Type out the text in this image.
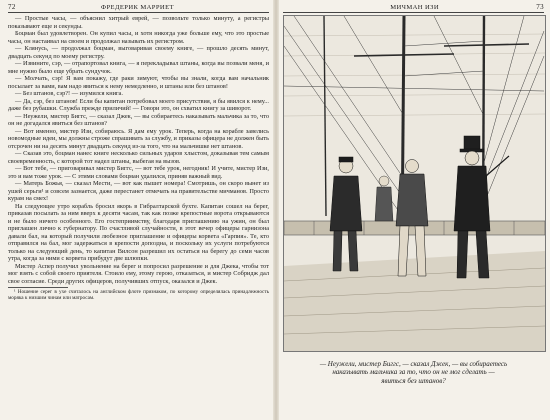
72	ФРЕДЕРИК МАРРИЕТ

— Простые часы, — объяснил хитрый еврей, — позвольте только минуту, а регистры показывают еще и секунды.

Боцман был удовлетворен. Он купил часы, и хотя никогда уже больше ему, что это простые часы, он настаивал на своем и продолжал называть их регистром.

— Клянусь, — продолжал боцман, выговаривая своему книге, — прошло десять минут, двадцать секунд по моему регистру.

— Извините, сэр, — отрапортовал книга, — я перекладывал штаны, когда вы позвали меня, и мне нужно было еще убрать сундучок.

— Молчать, сэр! Я вам покажу, где раки зимуют, чтобы вы знали, когда вам начальник посылает за вами, вам надо явиться к нему немедленно, и штаны или без штанов!

— Без штанов, сэр?! — изумился книга.

— Да, сэр, без штанов! Если бы капитан потребовал моего присутствия, я бы явился к нему... даже без рубашки. Служба прежде приличий! — Говори это, он схватил книгу за шиворот.

— Неужели, мистер Биггс, — сказал Джек, — вы собираетесь наказывать мальчика за то, что он не догадался явиться без штанов?

— Вот именно, мистер Изи, собираюсь. Я дам ему урок. Теперь, когда на корабле завелись новомодные идеи, мы должны строже спрашивать за службу, и приказы офицера не должен быть отсрочен ни на десять минут двадцать секунд из-за того, что на мальчишке нет штанов.

— Сказав это, боцман нанес книге несколько сильных ударов хлыстом, доказывая тем самым своевременность, с которой тот надел штаны, выбегая на вызов.

— Вот тебе, — приговаривал мистер Биггс, — вот тебе урок, негодник! И учите, мистер Изи, это и вам тоже урок. — С этими словами боцман удалился, приняв важный вид.

— Матерь Божья, — сказал Мести, — вот как пышет номера! Смотришь, он скоро вынет из ушей серьги¹ и совсем зазнается, даже перестанет отмечать на правительстве мичманов. Просто курам на смех!

На следующее утро корабль бросил якорь в Гибралтарской бухте. Капитан сошел на берег, приказав посылать за ним вверх к десяти часам, так как позже крепостные ворота открываются и не было ничего особенного. Его гостеприимству, благодаря приглашению на ужин, он был приглашен лично к губернатору. По счастливой случайности, в этот вечер офицеры гарнизона давали бал, на который получили любезное приглашение и офицеры корвета «Гарпия». Те, кто отправился на бал, мог задержаться в крепости допоздна, и поскольку их услуги потребуются только на следующий день, то капитан Вилсон разрешил их остаться на берегу до семи часов утра, когда за ними с корвета прибудут две шлюпки.

Мистер Аспер получил увольнение на берег и попросил разрешение и для Джека, чтобы тот мог взять с собой своего приятеля. Стоило ему, этому герою, отказаться, и мистер Собридж дал свое согласие. Среди других офицеров, получивших отпуск, оказался и Джек.

¹ Ношение серег в ухе считалось на английском флоте признаком, по которому определялась принадлежность моряка к низшим чинам или матросам.
МИЧМАН ИЗИ	73
— Неужели, мистер Биггс, — сказал Джек, — вы собираетесь
наказывать мальчика за то, что он не мог сделать —
явиться без штанов?
